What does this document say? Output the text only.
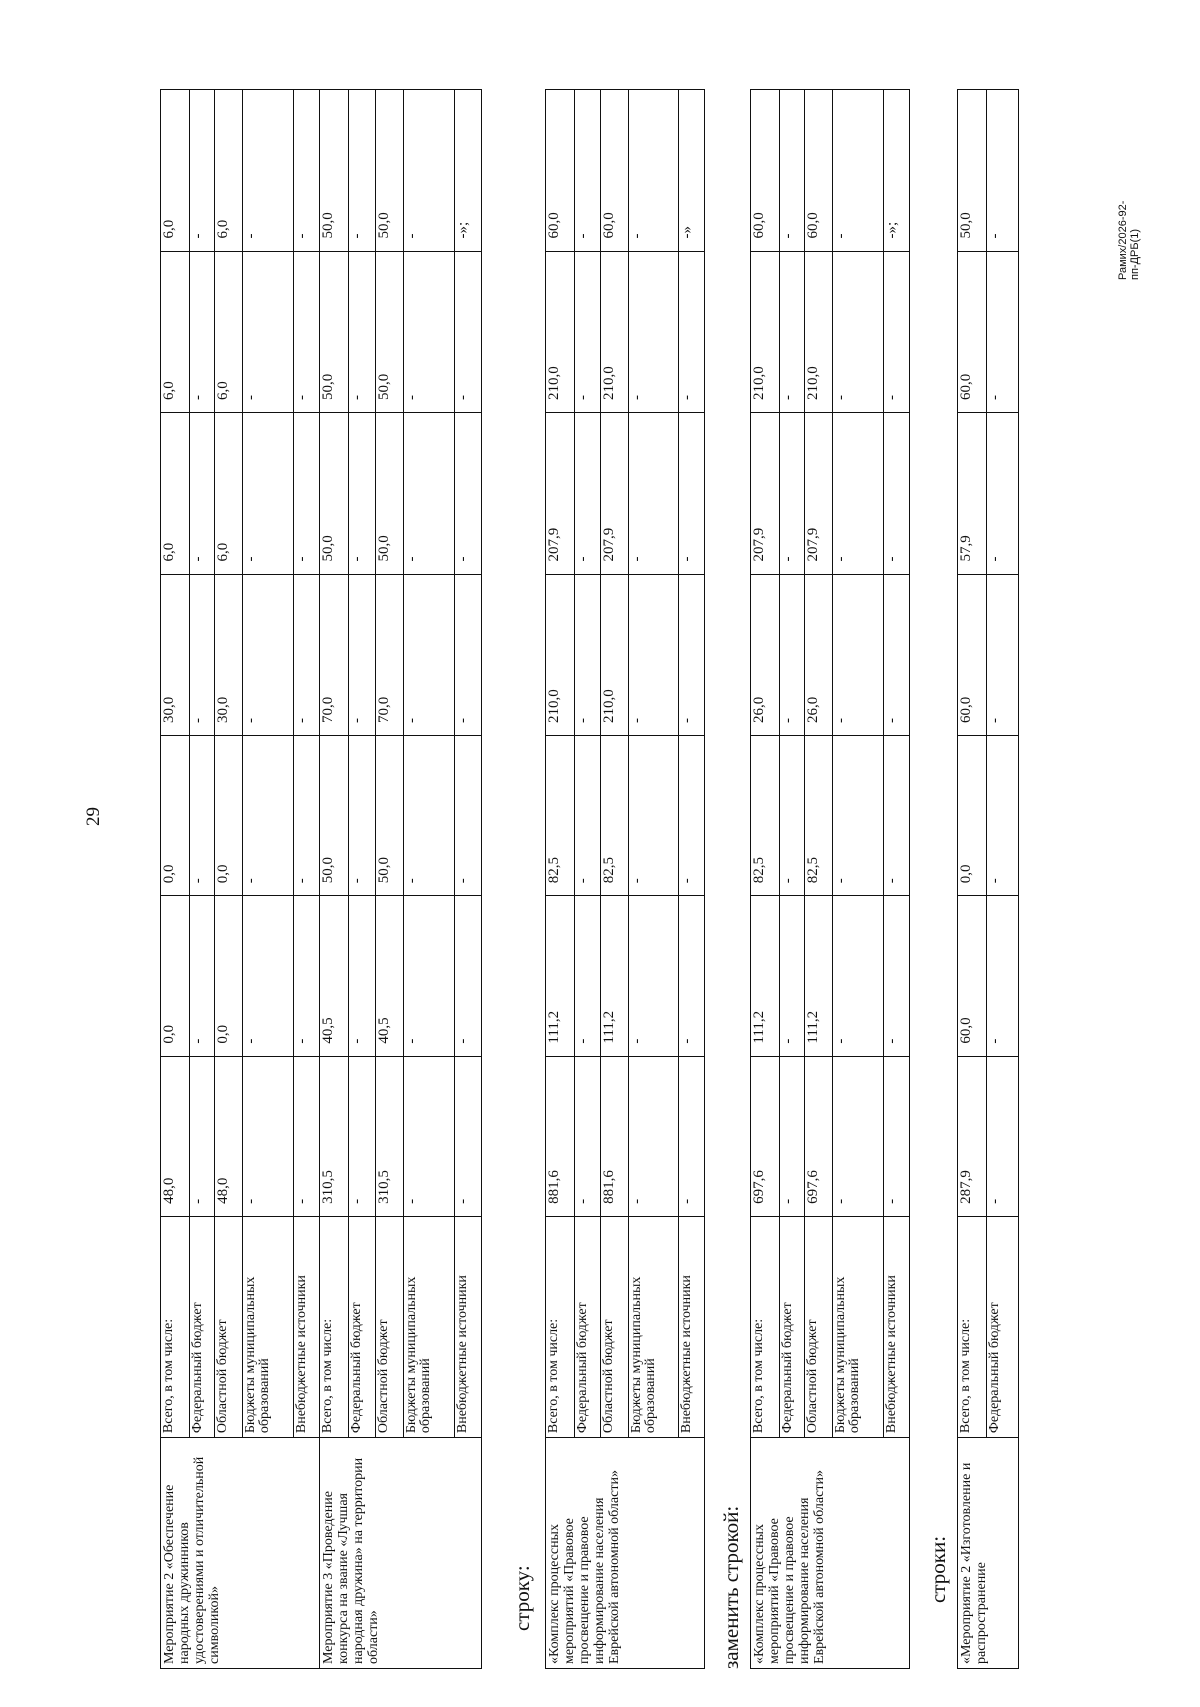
29
Рамих/2026-92-пп-ДРБ(1)
Мероприятие 2 «Обеспечение народных дружинников удостоверениями и отличительной символикой»	Всего, в том числе:	48,0	0,0	0,0	30,0	6,0	6,0	6,0
	Федеральный бюджет	-	-	-	-	-	-	-
	Областной бюджет	48,0	0,0	0,0	30,0	6,0	6,0	6,0
	Бюджеты муниципальных образований	-	-	-	-	-	-	-
	Внебюджетные источники	-	-	-	-	-	-	-
Мероприятие 3 «Проведение конкурса на звание «Лучшая народная дружина» на территории области»	Всего, в том числе:	310,5	40,5	50,0	70,0	50,0	50,0	50,0
	Федеральный бюджет	-	-	-	-	-	-	-
	Областной бюджет	310,5	40,5	50,0	70,0	50,0	50,0	50,0
	Бюджеты муниципальных образований	-	-	-	-	-	-	-
	Внебюджетные источники	-	-	-	-	-	-	-»;

строку: «Комплекс процессных мероприятий «Правовое просвещение и правовое информирование населения Еврейской автономной области»	Всего, в том числе:	881,6	111,2	82,5	210,0	207,9	210,0	60,0
	Федеральный бюджет	-	-	-	-	-	-	-
	Областной бюджет	881,6	111,2	82,5	210,0	207,9	210,0	60,0
	Бюджеты муниципальных образований	-	-	-	-	-	-	-
	Внебюджетные источники	-	-	-	-	-	-	-»

заменить строкой: «Комплекс процессных мероприятий «Правовое просвещение и правовое информирование населения Еврейской автономной области»	Всего, в том числе:	697,6	111,2	82,5	26,0	207,9	210,0	60,0
	Федеральный бюджет	-	-	-	-	-	-	-
	Областной бюджет	697,6	111,2	82,5	26,0	207,9	210,0	60,0
	Бюджеты муниципальных образований	-	-	-	-	-	-	-
	Внебюджетные источники	-	-	-	-	-	-	-»;

строки: «Мероприятие 2 «Изготовление и распространение	Всего, в том числе:	287,9	60,0	0,0	60,0	57,9	60,0	50,0
	Федеральный бюджет	-	-	-	-	-	-	-
